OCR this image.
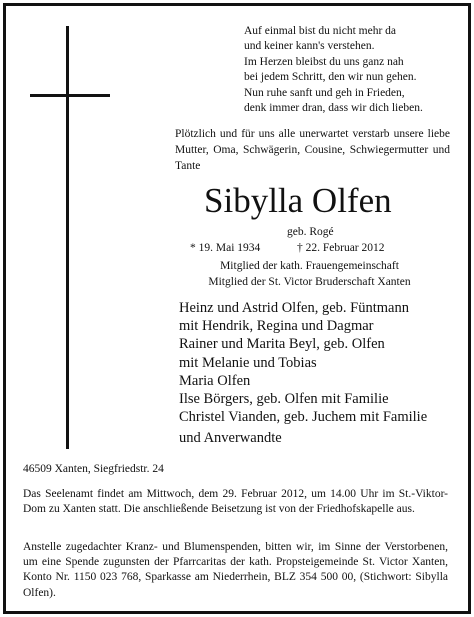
Auf einmal bist du nicht mehr da
und keiner kann's verstehen.
Im Herzen bleibst du uns ganz nah
bei jedem Schritt, den wir nun gehen.
Nun ruhe sanft und geh in Frieden,
denk immer dran, dass wir dich lieben.
Plötzlich und für uns alle unerwartet verstarb unsere liebe Mutter, Oma, Schwägerin, Cousine, Schwiegermutter und Tante
Sibylla Olfen
geb. Rogé
* 19. Mai 1934	† 22. Februar 2012
Mitglied der kath. Frauengemeinschaft
Mitglied der St. Victor Bruderschaft Xanten
Heinz und Astrid Olfen, geb. Füntmann
mit Hendrik, Regina und Dagmar
Rainer und Marita Beyl, geb. Olfen
mit Melanie und Tobias
Maria Olfen
Ilse Börgers, geb. Olfen mit Familie
Christel Vianden, geb. Juchem mit Familie
und Anverwandte
46509 Xanten, Siegfriedstr. 24
Das Seelenamt findet am Mittwoch, dem 29. Februar 2012, um 14.00 Uhr im St.-Viktor-Dom zu Xanten statt. Die anschließende Beisetzung ist von der Friedhofskapelle aus.
Anstelle zugedachter Kranz- und Blumenspenden, bitten wir, im Sinne der Verstorbenen, um eine Spende zugunsten der Pfarrcaritas der kath. Propsteigemeinde St. Victor Xanten, Konto Nr. 1150 023 768, Sparkasse am Niederrhein, BLZ 354 500 00, (Stichwort: Sibylla Olfen).
